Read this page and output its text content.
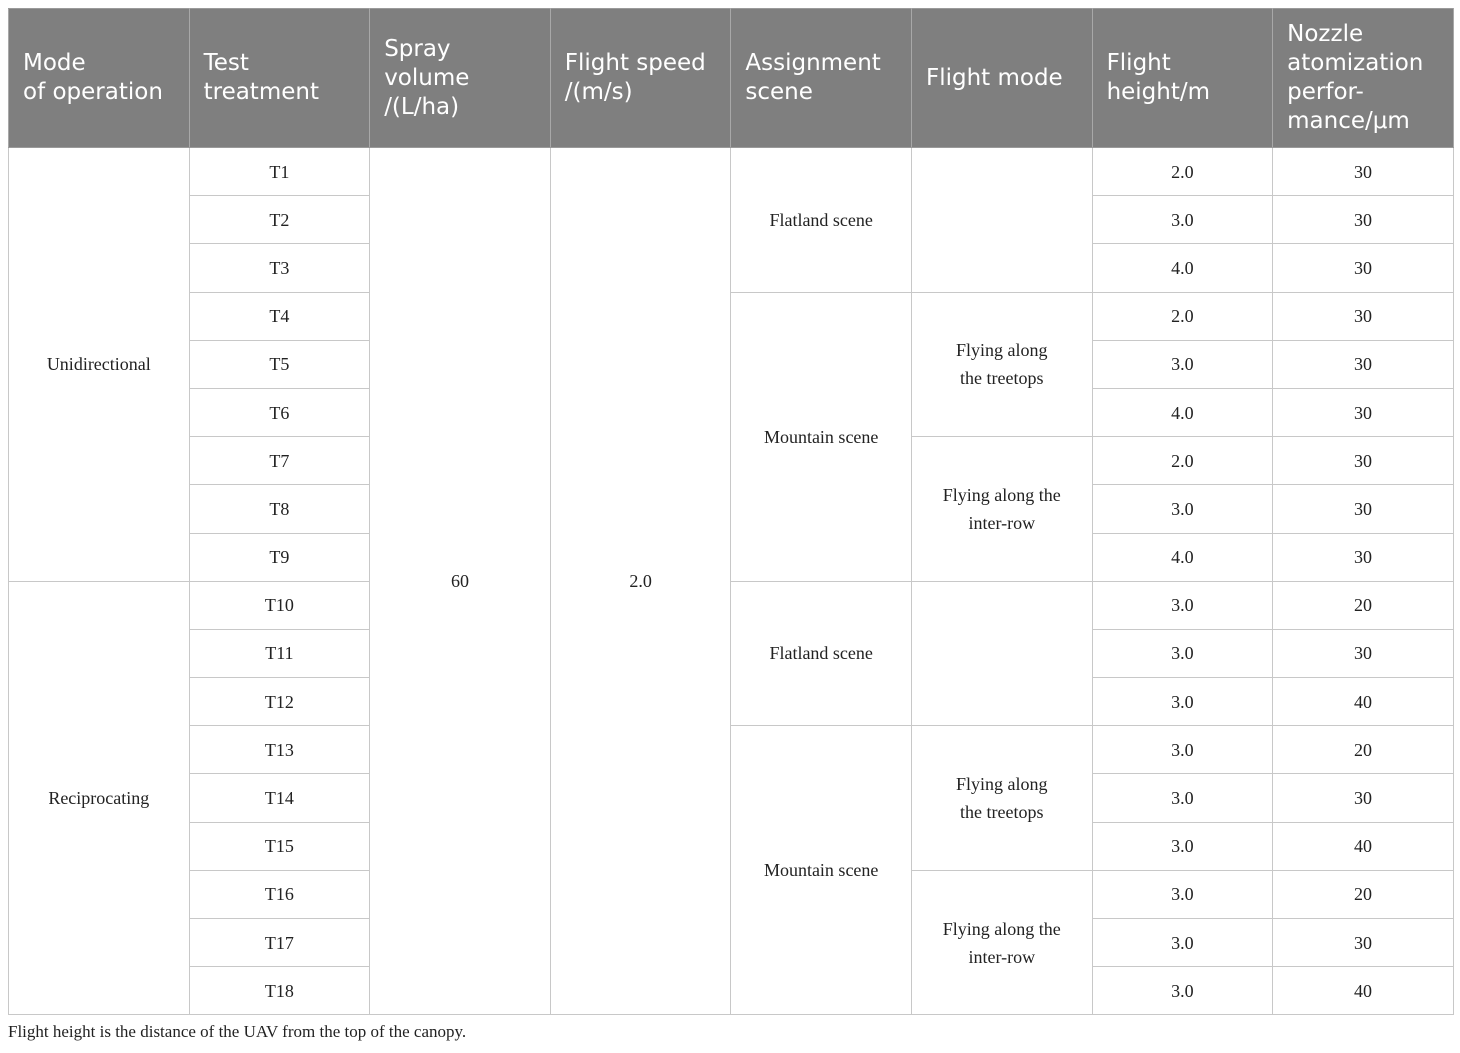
Mode
of operation	Test
treatment	Spray
volume
/(L/ha)	Flight speed
/(m/s)	Assignment
scene	Flight mode	Flight
height/m	Nozzle
atomization
perfor-
mance/μm
Unidirectional	T1	60	2.0	Flatland scene		2.0	30
	T2					3.0	30
	T3					4.0	30
	T4			Mountain scene	Flying along
the treetops	2.0	30
	T5					3.0	30
	T6					4.0	30
	T7				Flying along the
inter-row	2.0	30
	T8					3.0	30
	T9					4.0	30
Reciprocating	T10			Flatland scene		3.0	20
	T11					3.0	30
	T12					3.0	40
	T13			Mountain scene	Flying along
the treetops	3.0	20
	T14					3.0	30
	T15					3.0	40
	T16				Flying along the
inter-row	3.0	20
	T17					3.0	30
	T18					3.0	40
Flight height is the distance of the UAV from the top of the canopy.
